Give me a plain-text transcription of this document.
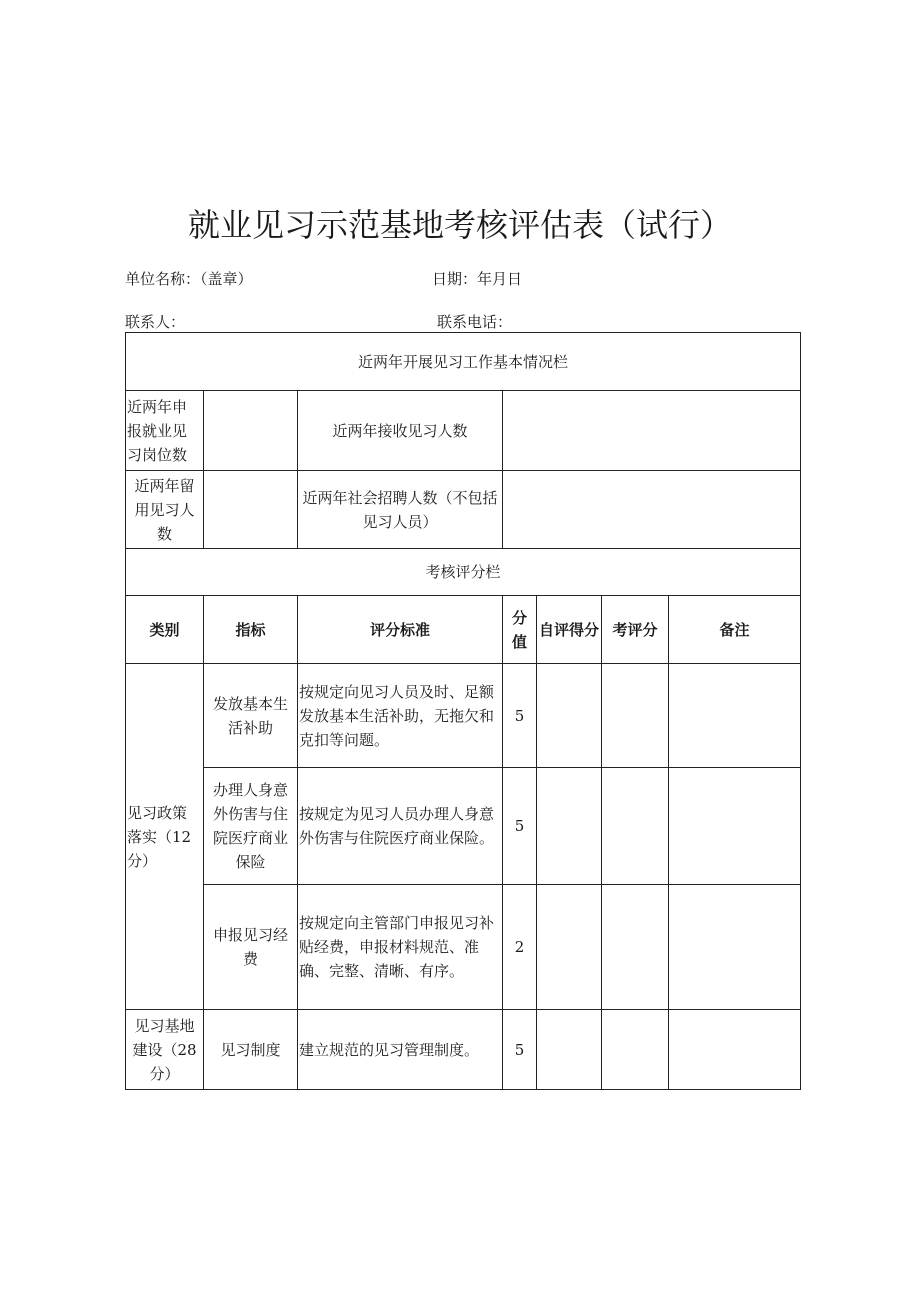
就业见习示范基地考核评估表（试行）
单位名称：（盖章）	日期：年月日
联系人：	联系电话：
近两年开展见习工作基本情况栏						
近两年申报就业见习岗位数		近两年接收见习人数				
近两年留用见习人数		近两年社会招聘人数（不包括见习人员）				
考核评分栏						
类别	指标	评分标准	分值	自评得分	考评分	备注
见习政策落实（12分）	发放基本生活补助	按规定向见习人员及时、足额发放基本生活补助，无拖欠和克扣等问题。	5			
	办理人身意外伤害与住院医疗商业保险	按规定为见习人员办理人身意外伤害与住院医疗商业保险。	5			
	申报见习经费	按规定向主管部门申报见习补贴经费，申报材料规范、准确、完整、清晰、有序。	2			
见习基地建设（28分）	见习制度	建立规范的见习管理制度。	5			
